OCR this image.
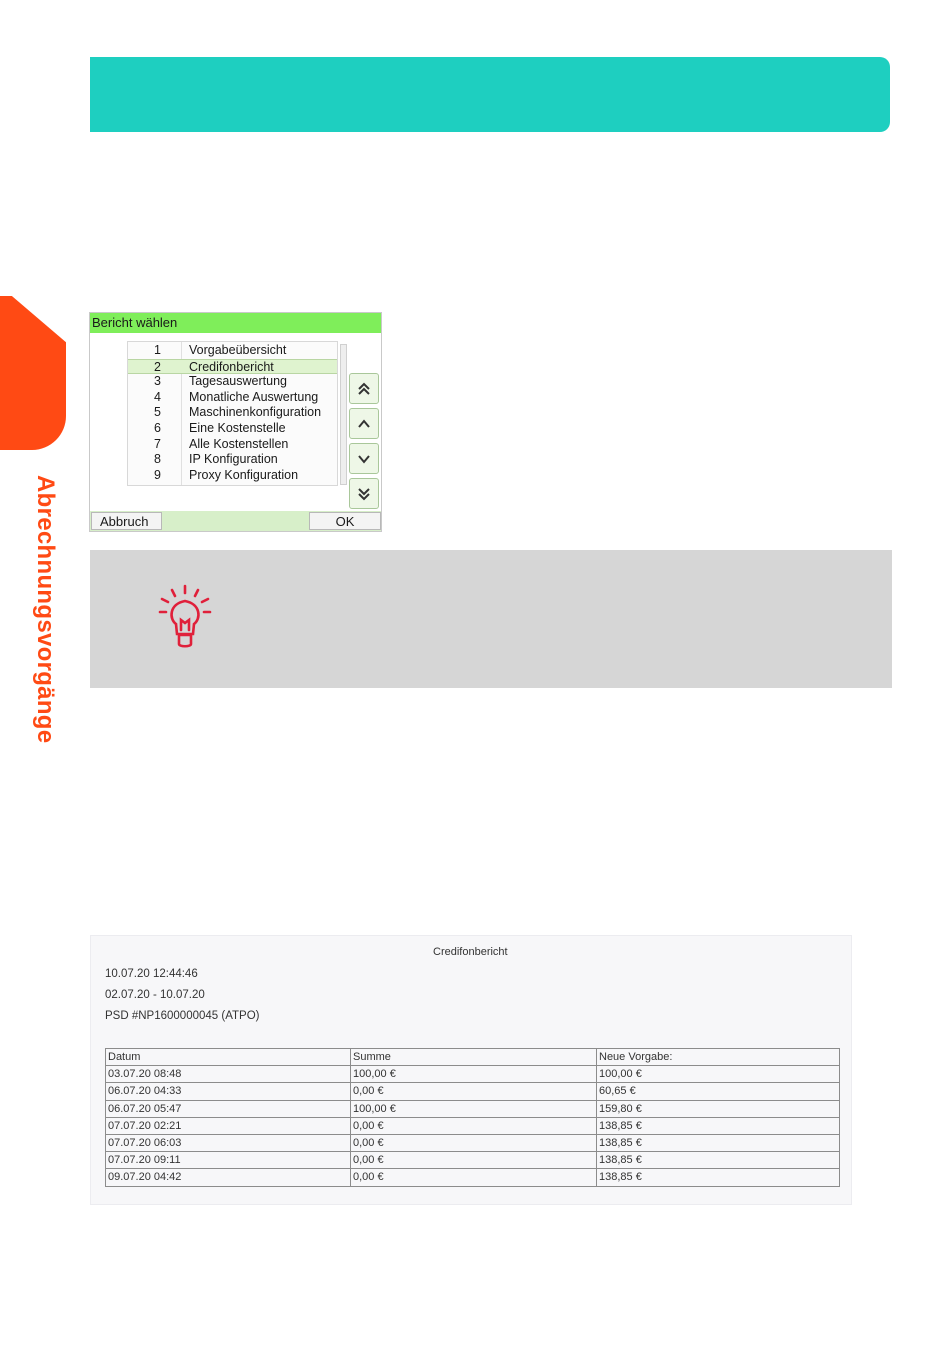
Abrechnungsvorgänge
Bericht wählen
1 Vorgabeübersicht
2 Credifonbericht
3 Tagesauswertung
4 Monatliche Auswertung
5 Maschinenkonfiguration
6 Eine Kostenstelle
7 Alle Kostenstellen
8 IP Konfiguration
9 Proxy Konfiguration
Abbruch	OK
Credifonbericht
10.07.20 12:44:46
02.07.20 - 10.07.20
PSD #NP1600000045 (ATPO)
Datum	Summe	Neue Vorgabe:
03.07.20 08:48	100,00 €	100,00 €
06.07.20 04:33	0,00 €	60,65 €
06.07.20 05:47	100,00 €	159,80 €
07.07.20 02:21	0,00 €	138,85 €
07.07.20 06:03	0,00 €	138,85 €
07.07.20 09:11	0,00 €	138,85 €
09.07.20 04:42	0,00 €	138,85 €
